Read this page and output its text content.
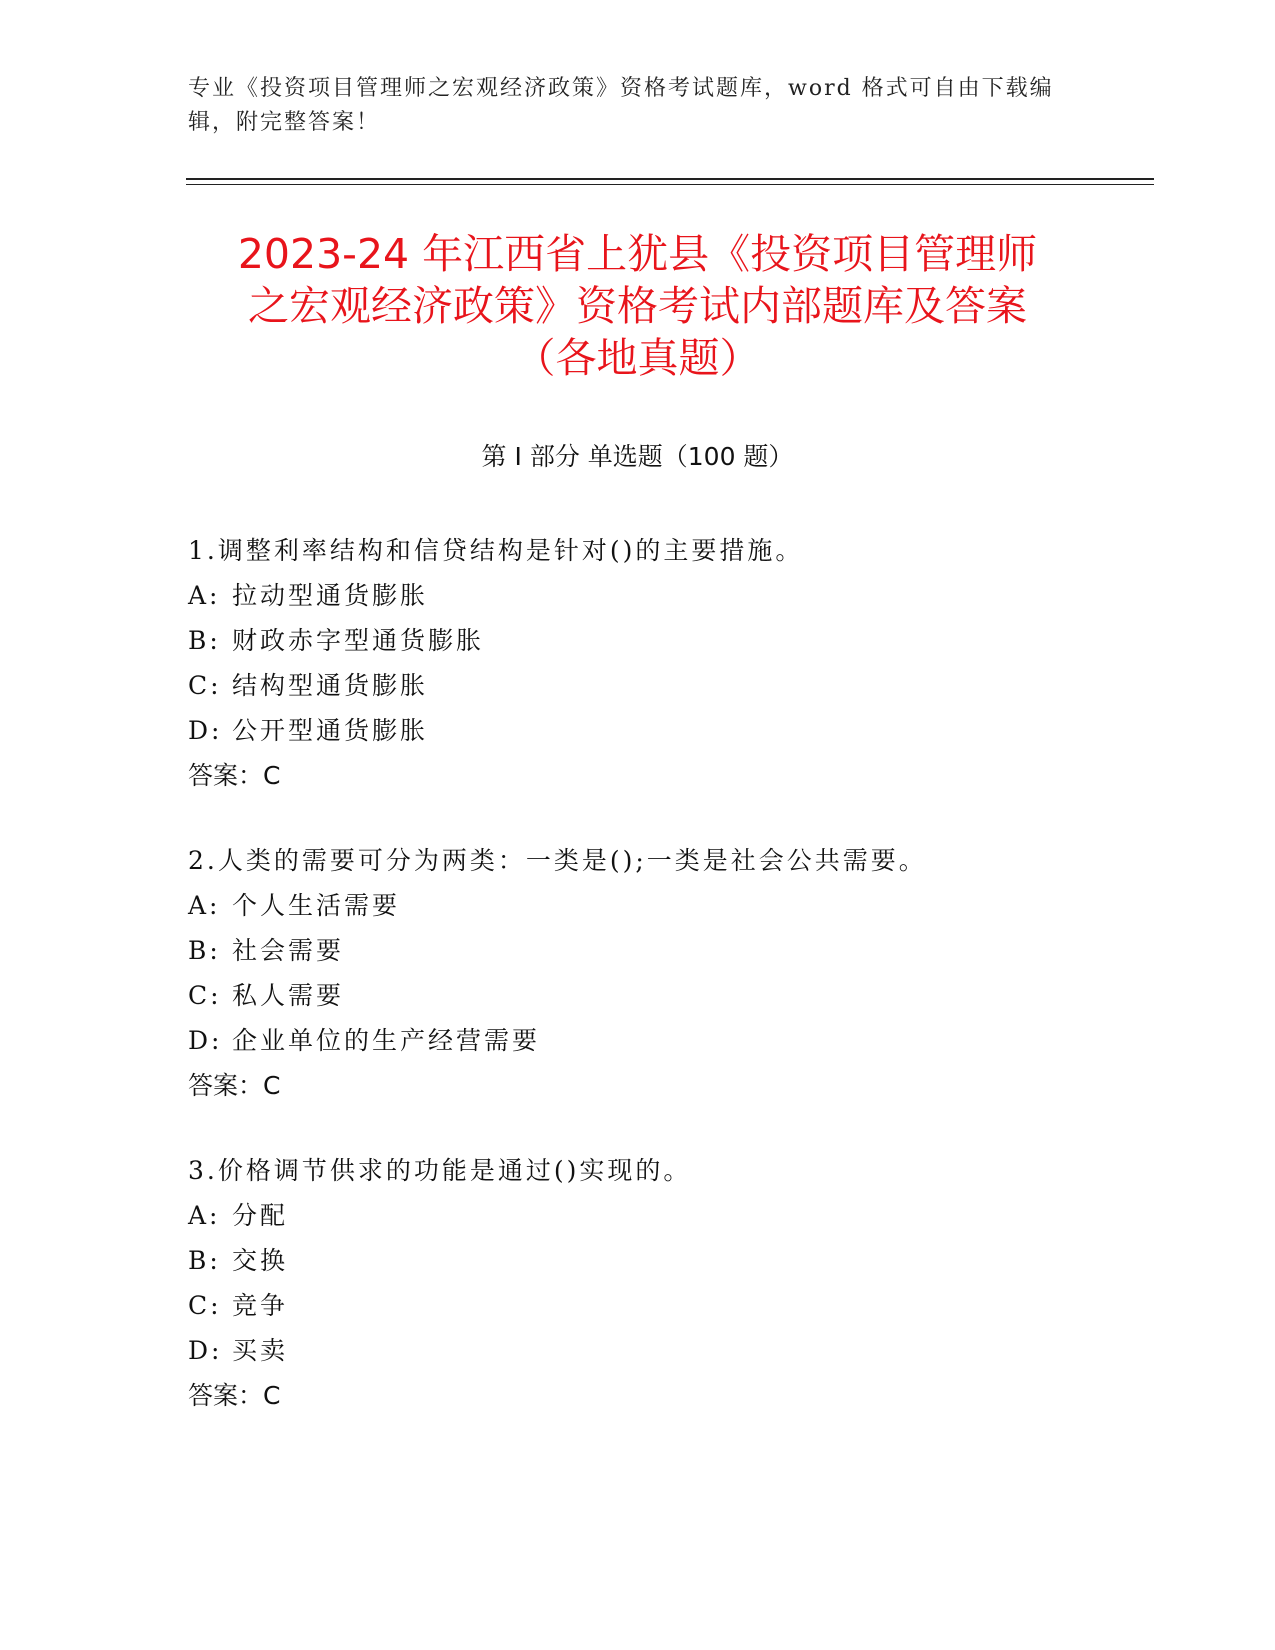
专业《投资项目管理师之宏观经济政策》资格考试题库，word 格式可自由下载编
辑，附完整答案！
2023-24 年江西省上犹县《投资项目管理师
之宏观经济政策》资格考试内部题库及答案
（各地真题）
第 I 部分 单选题（100 题）
1.调整利率结构和信贷结构是针对()的主要措施。
A: 拉动型通货膨胀
B: 财政赤字型通货膨胀
C: 结构型通货膨胀
D: 公开型通货膨胀
答案：C
2.人类的需要可分为两类：一类是();一类是社会公共需要。
A: 个人生活需要
B: 社会需要
C: 私人需要
D: 企业单位的生产经营需要
答案：C
3.价格调节供求的功能是通过()实现的。
A: 分配
B: 交换
C: 竞争
D: 买卖
答案：C
